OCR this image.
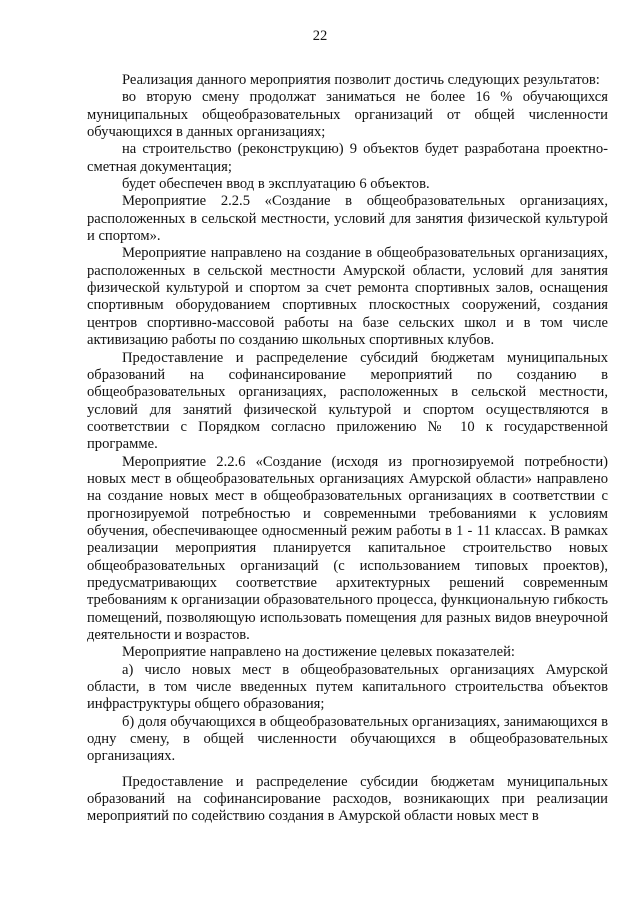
22

Реализация данного мероприятия позволит достичь следующих результатов:

во вторую смену продолжат заниматься не более 16 % обучающихся муниципальных общеобразовательных организаций от общей численности обучающихся в данных организациях;

на строительство (реконструкцию) 9 объектов будет разработана проектно-сметная документация;

будет обеспечен ввод в эксплуатацию 6 объектов.

Мероприятие 2.2.5 «Создание в общеобразовательных организациях, расположенных в сельской местности, условий для занятия физической культурой и спортом».

Мероприятие направлено на создание в общеобразовательных организациях, расположенных в сельской местности Амурской области, условий для занятия физической культурой и спортом за счет ремонта спортивных залов, оснащения спортивным оборудованием спортивных плоскостных сооружений, создания центров спортивно-массовой работы на базе сельских школ и в том числе активизацию работы по созданию школьных спортивных клубов.

Предоставление и распределение субсидий бюджетам муниципальных образований на софинансирование мероприятий по созданию в общеобразовательных организациях, расположенных в сельской местности, условий для занятий физической культурой и спортом осуществляются в соответствии с Порядком согласно приложению № 10 к государственной программе.

Мероприятие 2.2.6 «Создание (исходя из прогнозируемой потребности) новых мест в общеобразовательных организациях Амурской области» направлено на создание новых мест в общеобразовательных организациях в соответствии с прогнозируемой потребностью и современными требованиями к условиям обучения, обеспечивающее односменный режим работы в 1 - 11 классах. В рамках реализации мероприятия планируется капитальное строительство новых общеобразовательных организаций (с использованием типовых проектов), предусматривающих соответствие архитектурных решений современным требованиям к организации образовательного процесса, функциональную гибкость помещений, позволяющую использовать помещения для разных видов внеурочной деятельности и возрастов.

Мероприятие направлено на достижение целевых показателей:

а) число новых мест в общеобразовательных организациях Амурской области, в том числе введенных путем капитального строительства объектов инфраструктуры общего образования;

б) доля обучающихся в общеобразовательных организациях, занимающихся в одну смену, в общей численности обучающихся в общеобразовательных организациях.

Предоставление и распределение субсидии бюджетам муниципальных образований на софинансирование расходов, возникающих при реализации мероприятий по содействию создания в Амурской области новых мест в
